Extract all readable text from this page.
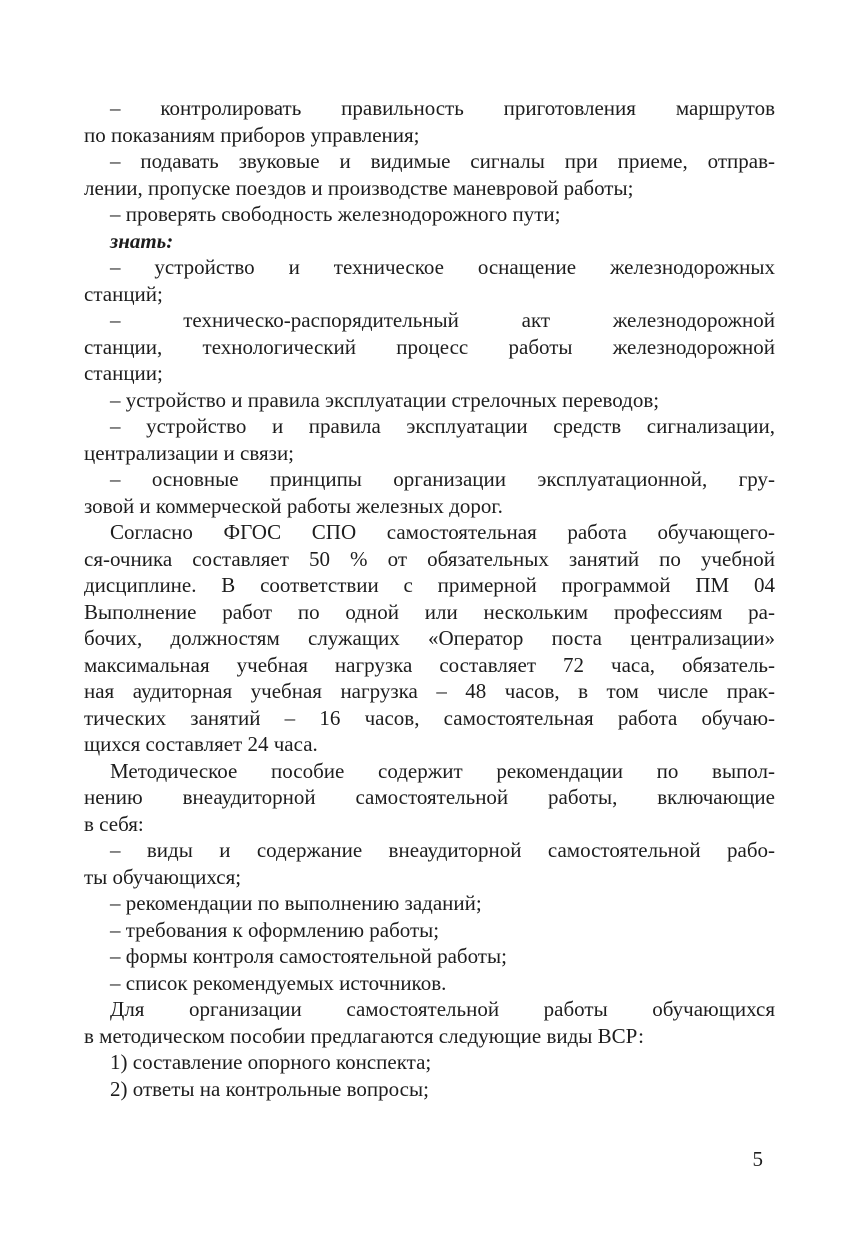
– контролировать правильность приготовления маршрутов
по показаниям приборов управления;
– подавать звуковые и видимые сигналы при приеме, отправ-
лении, пропуске поездов и производстве маневровой работы;
– проверять свободность железнодорожного пути;
знать:
– устройство и техническое оснащение железнодорожных
станций;
– техническо-распорядительный акт железнодорожной
станции, технологический процесс работы железнодорожной
станции;
– устройство и правила эксплуатации стрелочных переводов;
– устройство и правила эксплуатации средств сигнализации,
централизации и связи;
– основные принципы организации эксплуатационной, гру-
зовой и коммерческой работы железных дорог.
Согласно ФГОС СПО самостоятельная работа обучающего-
ся-очника составляет 50 % от обязательных занятий по учебной
дисциплине. В соответствии с примерной программой ПМ 04
Выполнение работ по одной или нескольким профессиям ра-
бочих, должностям служащих «Оператор поста централизации»
максимальная учебная нагрузка составляет 72 часа, обязатель-
ная аудиторная учебная нагрузка – 48 часов, в том числе прак-
тических занятий – 16 часов, самостоятельная работа обучаю-
щихся составляет 24 часа.
Методическое пособие содержит рекомендации по выпол-
нению внеаудиторной самостоятельной работы, включающие
в себя:
– виды и содержание внеаудиторной самостоятельной рабо-
ты обучающихся;
– рекомендации по выполнению заданий;
– требования к оформлению работы;
– формы контроля самостоятельной работы;
– список рекомендуемых источников.
Для организации самостоятельной работы обучающихся
в методическом пособии предлагаются следующие виды ВСР:
1) составление опорного конспекта;
2) ответы на контрольные вопросы;
5
